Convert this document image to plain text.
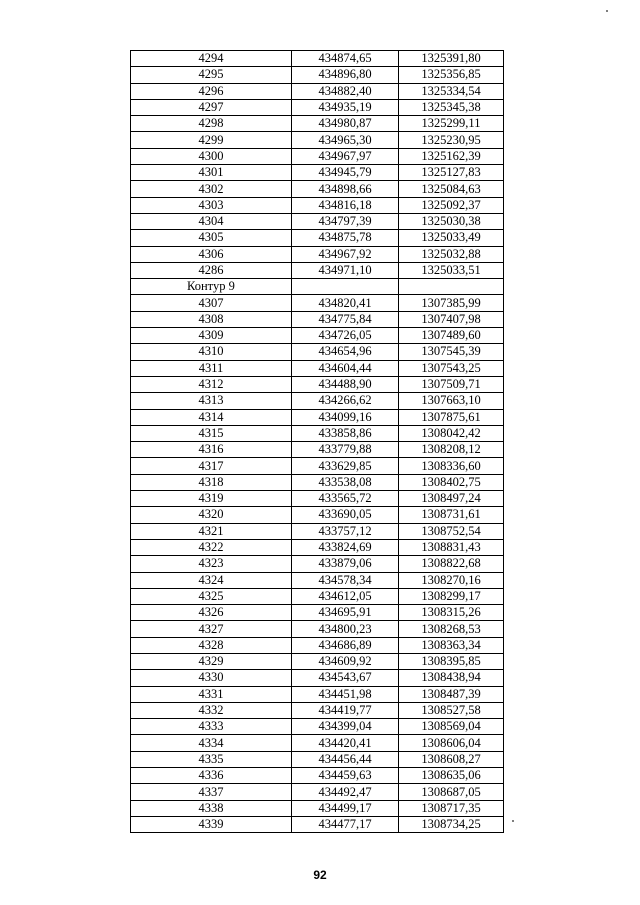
4294	434874,65	1325391,80
4295	434896,80	1325356,85
4296	434882,40	1325334,54
4297	434935,19	1325345,38
4298	434980,87	1325299,11
4299	434965,30	1325230,95
4300	434967,97	1325162,39
4301	434945,79	1325127,83
4302	434898,66	1325084,63
4303	434816,18	1325092,37
4304	434797,39	1325030,38
4305	434875,78	1325033,49
4306	434967,92	1325032,88
4286	434971,10	1325033,51
Контур 9		
4307	434820,41	1307385,99
4308	434775,84	1307407,98
4309	434726,05	1307489,60
4310	434654,96	1307545,39
4311	434604,44	1307543,25
4312	434488,90	1307509,71
4313	434266,62	1307663,10
4314	434099,16	1307875,61
4315	433858,86	1308042,42
4316	433779,88	1308208,12
4317	433629,85	1308336,60
4318	433538,08	1308402,75
4319	433565,72	1308497,24
4320	433690,05	1308731,61
4321	433757,12	1308752,54
4322	433824,69	1308831,43
4323	433879,06	1308822,68
4324	434578,34	1308270,16
4325	434612,05	1308299,17
4326	434695,91	1308315,26
4327	434800,23	1308268,53
4328	434686,89	1308363,34
4329	434609,92	1308395,85
4330	434543,67	1308438,94
4331	434451,98	1308487,39
4332	434419,77	1308527,58
4333	434399,04	1308569,04
4334	434420,41	1308606,04
4335	434456,44	1308608,27
4336	434459,63	1308635,06
4337	434492,47	1308687,05
4338	434499,17	1308717,35
4339	434477,17	1308734,25
92
